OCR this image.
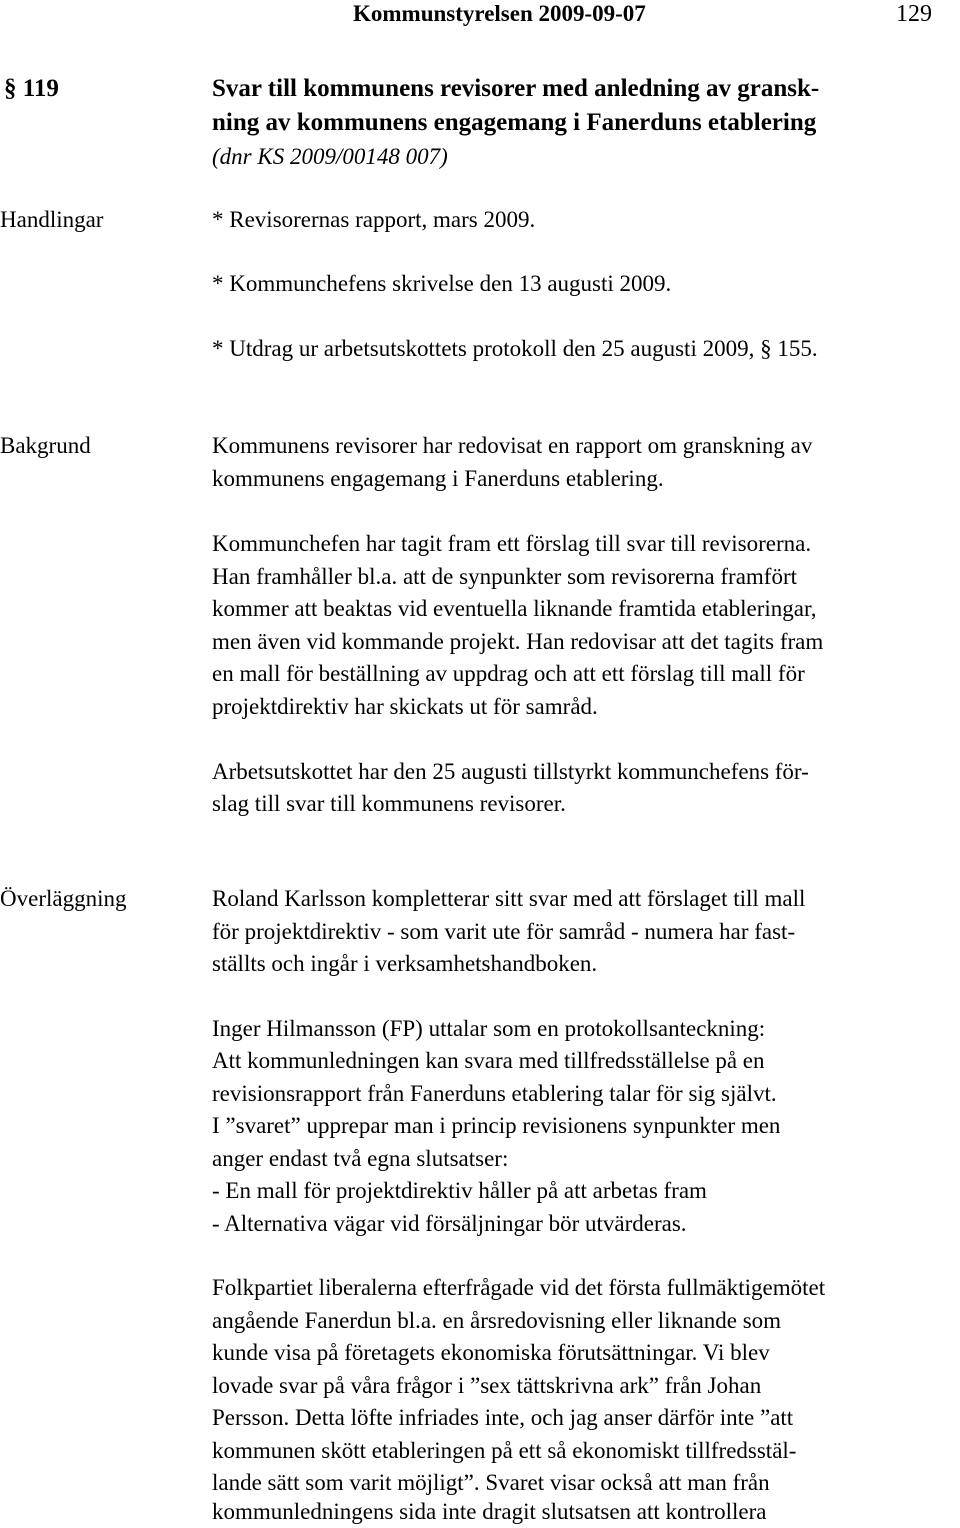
Kommunstyrelsen 2009-09-07	129
§ 119	Svar till kommunens revisorer med anledning av gransk-
ning av kommunens engagemang i Fanerduns etablering
(dnr KS 2009/00148 007)
Handlingar	* Revisorernas rapport, mars 2009.
* Kommunchefens skrivelse den 13 augusti 2009.
* Utdrag ur arbetsutskottets protokoll den 25 augusti 2009, § 155.
Bakgrund	Kommunens revisorer har redovisat en rapport om granskning av
kommunens engagemang i Fanerduns etablering.
Kommunchefen har tagit fram ett förslag till svar till revisorerna.
Han framhåller bl.a. att de synpunkter som revisorerna framfört
kommer att beaktas vid eventuella liknande framtida etableringar,
men även vid kommande projekt. Han redovisar att det tagits fram
en mall för beställning av uppdrag och att ett förslag till mall för
projektdirektiv har skickats ut för samråd.
Arbetsutskottet har den 25 augusti tillstyrkt kommunchefens för-
slag till svar till kommunens revisorer.
Överläggning	Roland Karlsson kompletterar sitt svar med att förslaget till mall
för projektdirektiv - som varit ute för samråd - numera har fast-
ställts och ingår i verksamhetshandboken.
Inger Hilmansson (FP) uttalar som en protokollsanteckning:
Att kommunledningen kan svara med tillfredsställelse på en
revisionsrapport från Fanerduns etablering talar för sig självt.
I ”svaret” upprepar man i princip revisionens synpunkter men
anger endast två egna slutsatser:
- En mall för projektdirektiv håller på att arbetas fram
- Alternativa vägar vid försäljningar bör utvärderas.
Folkpartiet liberalerna efterfrågade vid det första fullmäktigemötet
angående Fanerdun bl.a. en årsredovisning eller liknande som
kunde visa på företagets ekonomiska förutsättningar. Vi blev
lovade svar på våra frågor i ”sex tättskrivna ark” från Johan
Persson. Detta löfte infriades inte, och jag anser därför inte ”att
kommunen skött etableringen på ett så ekonomiskt tillfredsstäl-
lande sätt som varit möjligt”. Svaret visar också att man från
kommunledningens sida inte dragit slutsatsen att kontrollera
